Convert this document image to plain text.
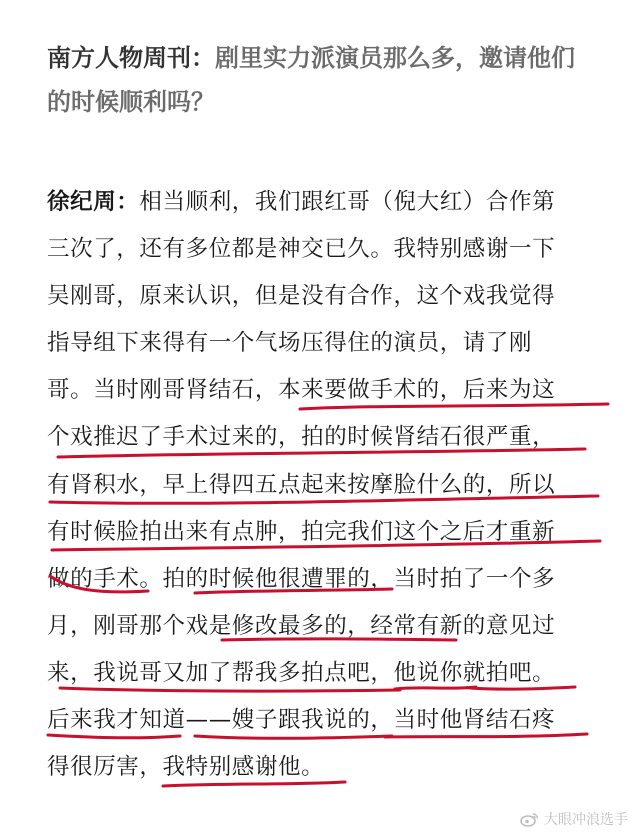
南方人物周刊：剧里实力派演员那么多，邀请他们
的时候顺利吗？
徐纪周：相当顺利，我们跟红哥（倪大红）合作第
三次了，还有多位都是神交已久。我特别感谢一下
吴刚哥，原来认识，但是没有合作，这个戏我觉得
指导组下来得有一个气场压得住的演员，请了刚
哥。当时刚哥肾结石，本来要做手术的，后来为这
个戏推迟了手术过来的，拍的时候肾结石很严重，
有肾积水，早上得四五点起来按摩脸什么的，所以
有时候脸拍出来有点肿，拍完我们这个之后才重新
做的手术。拍的时候他很遭罪的，当时拍了一个多
月，刚哥那个戏是修改最多的，经常有新的意见过
来，我说哥又加了帮我多拍点吧，他说你就拍吧。
后来我才知道——嫂子跟我说的，当时他肾结石疼
得很厉害，我特别感谢他。
大眼冲浪选手
